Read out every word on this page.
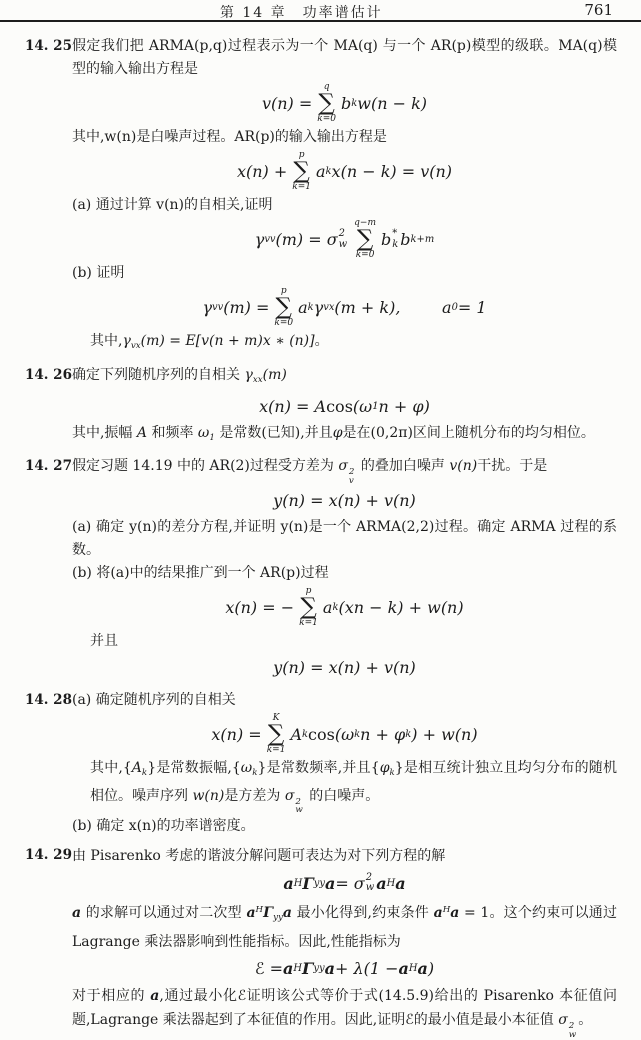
第 14 章　功率谱估计	761
14. 25 假定我们把 ARMA(p,q)过程表示为一个 MA(q) 与一个 AR(p)模型的级联。MA(q)模型的输入输出方程是

v(n) =
q
∑
k=0
b k w(n − k)

其中,w(n)是白噪声过程。AR(p)的输入输出方程是

x(n) +
p
∑
k=1
a k x(n − k) = v(n)

(a) 通过计算 v(n)的自相关,证明

γ vv (m) = σ 2
w
q−m
∑
k=0
b *
k b k+m

(b) 证明

γ vv (m) =
p
∑
k=0
a k γ vx (m + k),	a 0 = 1

其中,γvx(m) = E[v(n + m)x ∗ (n)]。

14. 26 确定下列随机序列的自相关 γxx(m)

x(n) = A cos (ω 1 n + φ)

其中,振幅 A 和频率 ω1 是常数(已知),并且φ是在(0,2π)区间上随机分布的均匀相位。

14. 27 假定习题 14.19 中的 AR(2)过程受方差为 σ 2
v
的叠加白噪声 v(n)干扰。于是

y(n) = x(n) + v(n)

(a) 确定 y(n)的差分方程,并证明 y(n)是一个 ARMA(2,2)过程。确定 ARMA 过程的系数。

(b) 将(a)中的结果推广到一个 AR(p)过程

x(n) = −
p
∑
k=1
a k (xn − k) + w(n)

并且

y(n) = x(n) + v(n)
14. 28 (a) 确定随机序列的自相关

x(n) =
K
∑
k=1
A k cos (ω k n + φ k ) + w(n)

其中,{Ak}是常数振幅,{ωk}是常数频率,并且{φk}是相互统计独立且均匀分布的随机相位。噪声序列 w(n)是方差为 σ 2
w
的白噪声。

(b) 确定 x(n)的功率谱密度。

14. 29 由 Pisarenko 考虑的谐波分解问题可表达为对下列方程的解

a H Γ yy a = σ 2
w a H a

a 的求解可以通过对二次型 $a^H\Gamma yya$ 最小化得到,约束条件 $a^Ha = 1$。这个约束可以通过 Lagrange 乘法器影响到性能指标。因此,性能指标为

ℰ = a H Γ yy a + λ(1 − a H a )

对于相应的 a,通过最小化ℰ证明该公式等价于式(14.5.9)给出的 Pisarenko 本征值问题,Lagrange 乘法器起到了本征值的作用。因此,证明ℰ的最小值是最小本征值 σ 2
w
。
